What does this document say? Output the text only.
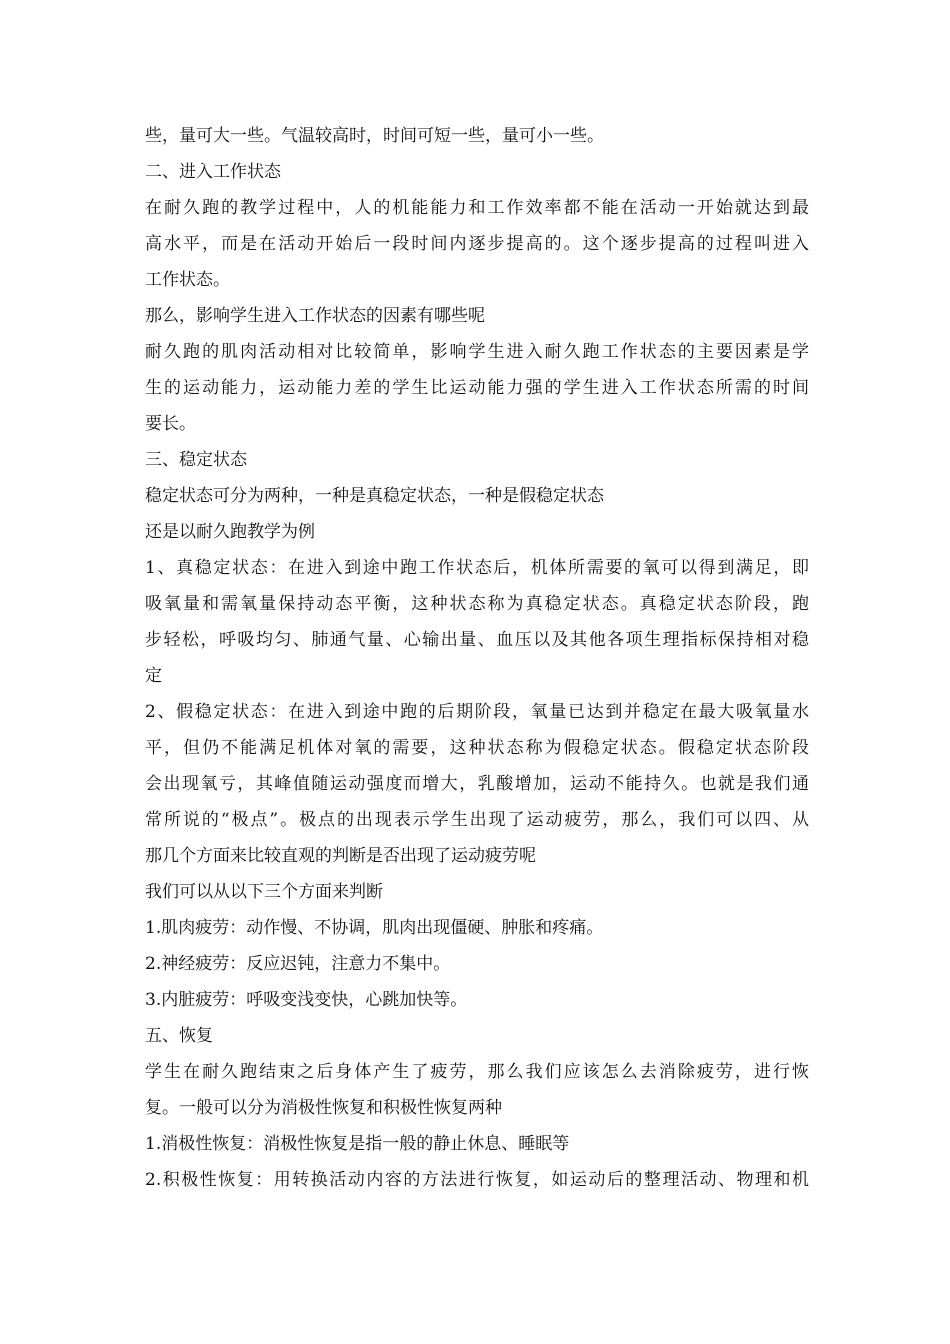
些，量可大一些。气温较高时，时间可短一些，量可小一些。
二、进入工作状态
在耐久跑的教学过程中，人的机能能力和工作效率都不能在活动一开始就达到最
高水平，而是在活动开始后一段时间内逐步提高的。这个逐步提高的过程叫进入
工作状态。
那么，影响学生进入工作状态的因素有哪些呢
耐久跑的肌肉活动相对比较简单，影响学生进入耐久跑工作状态的主要因素是学
生的运动能力，运动能力差的学生比运动能力强的学生进入工作状态所需的时间
要长。
三、稳定状态
稳定状态可分为两种，一种是真稳定状态，一种是假稳定状态
还是以耐久跑教学为例
1、真稳定状态：在进入到途中跑工作状态后，机体所需要的氧可以得到满足，即
吸氧量和需氧量保持动态平衡，这种状态称为真稳定状态。真稳定状态阶段，跑
步轻松，呼吸均匀、肺通气量、心输出量、血压以及其他各项生理指标保持相对稳
定
2、假稳定状态：在进入到途中跑的后期阶段，氧量已达到并稳定在最大吸氧量水
平，但仍不能满足机体对氧的需要，这种状态称为假稳定状态。假稳定状态阶段
会出现氧亏，其峰值随运动强度而增大，乳酸增加，运动不能持久。也就是我们通
常所说的“极点”。极点的出现表示学生出现了运动疲劳，那么，我们可以四、从
那几个方面来比较直观的判断是否出现了运动疲劳呢
我们可以从以下三个方面来判断
1.肌肉疲劳：动作慢、不协调，肌肉出现僵硬、肿胀和疼痛。
2.神经疲劳：反应迟钝，注意力不集中。
3.内脏疲劳：呼吸变浅变快，心跳加快等。
五、恢复
学生在耐久跑结束之后身体产生了疲劳，那么我们应该怎么去消除疲劳，进行恢
复。一般可以分为消极性恢复和积极性恢复两种
1.消极性恢复：消极性恢复是指一般的静止休息、睡眠等
2.积极性恢复：用转换活动内容的方法进行恢复，如运动后的整理活动、物理和机
